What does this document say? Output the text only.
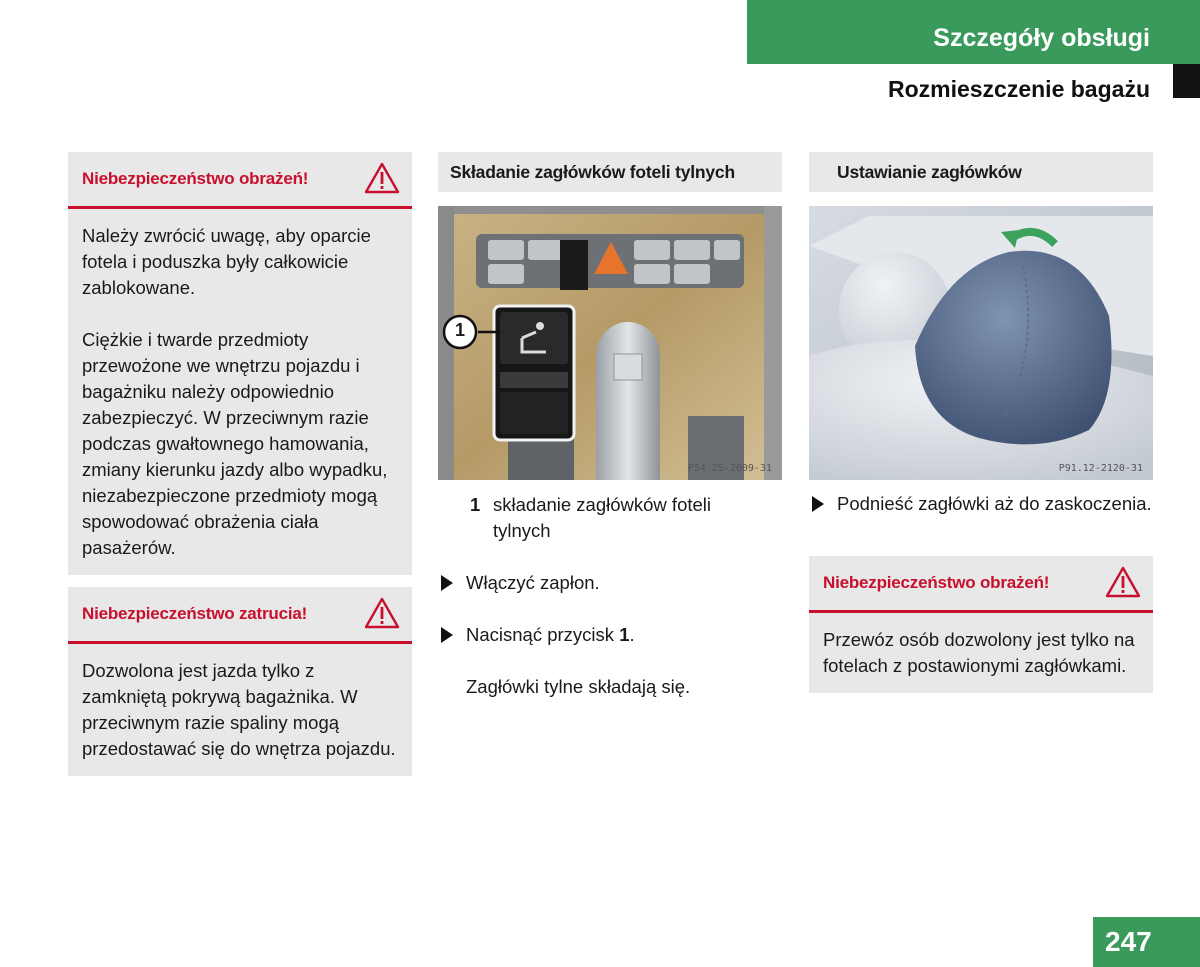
Szczegóły obsługi
Rozmieszczenie bagażu
Niebezpieczeństwo obrażeń!

Należy zwrócić uwagę, aby oparcie fotela i poduszka były całkowicie zablokowane.

Ciężkie i twarde przedmioty przewożone we wnętrzu pojazdu i bagażniku należy odpowiednio zabezpieczyć. W przeciwnym razie podczas gwałtownego hamowania, zmiany kierunku jazdy albo wypadku, niezabezpieczone przedmioty mogą spowodować obrażenia ciała pasażerów.

Niebezpieczeństwo zatrucia!

Dozwolona jest jazda tylko z zamkniętą pokrywą bagażnika. W przeciwnym razie spaliny mogą przedostawać się do wnętrza pojazdu.

Składanie zagłówków foteli tylnych
1
P54.25-2609-31
1 składanie zagłówków foteli tylnych
Włączyć zapłon.
Nacisnąć przycisk 1.
Zagłówki tylne składają się.
Ustawianie zagłówków
P91.12-2120-31
Podnieść zagłówki aż do zaskoczenia.
Niebezpieczeństwo obrażeń!

Przewóz osób dozwolony jest tylko na fotelach z postawionymi zagłówkami.

247
